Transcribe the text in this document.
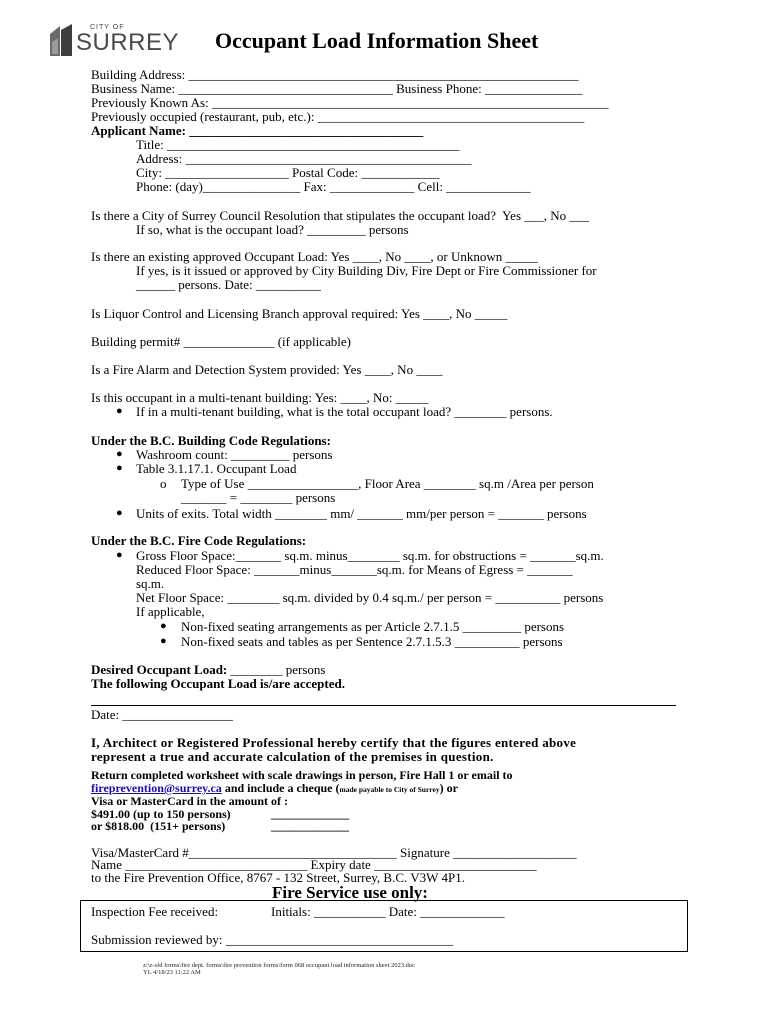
CITY OF
SURREY Occupant Load Information Sheet
Building Address: ____________________________________________________________
Business Name: _________________________________ Business Phone: _______________
Previously Known As: _____________________________________________________________
Previously occupied (restaurant, pub, etc.): _________________________________________
Applicant Name: ____________________________________
Title: _____________________________________________
Address: ____________________________________________
City: ___________________ Postal Code: ____________
Phone: (day)_______________ Fax: _____________ Cell: _____________
Is there a City of Surrey Council Resolution that stipulates the occupant load?  Yes ___, No ___
If so, what is the occupant load? _________ persons
Is there an existing approved Occupant Load: Yes ____, No ____, or Unknown _____
If yes, is it issued or approved by City Building Div, Fire Dept or Fire Commissioner for
______ persons. Date: __________
Is Liquor Control and Licensing Branch approval required: Yes ____, No _____
Building permit# ______________ (if applicable)
Is a Fire Alarm and Detection System provided: Yes ____, No ____
Is this occupant in a multi-tenant building: Yes: ____, No: _____
● If in a multi-tenant building, what is the total occupant load? ________ persons.
Under the B.C. Building Code Regulations:
● Washroom count: _________ persons
● Table 3.1.17.1. Occupant Load
o Type of Use _________________, Floor Area ________ sq.m /Area per person
_______ = ________ persons
● Units of exits. Total width ________ mm/ _______ mm/per person = _______ persons
Under the B.C. Fire Code Regulations:
● Gross Floor Space:_______ sq.m. minus________ sq.m. for obstructions = _______sq.m.
Reduced Floor Space: _______minus_______sq.m. for Means of Egress = _______
sq.m.
Net Floor Space: ________ sq.m. divided by 0.4 sq.m./ per person = __________ persons
If applicable,
● Non-fixed seating arrangements as per Article 2.7.1.5 _________ persons
● Non-fixed seats and tables as per Sentence 2.7.1.5.3 __________ persons
Desired Occupant Load: ________ persons
The following Occupant Load is/are accepted.
Date: _________________
I, Architect or Registered Professional hereby certify that the figures entered above
represent a true and accurate calculation of the premises in question.
Return completed worksheet with scale drawings in person, Fire Hall 1 or email to
fireprevention@surrey.ca and include a cheque (made payable to City of Surrey) or
Visa or MasterCard in the amount of :
$491.00 (up to 150 persons)	_____________
or $818.00  (151+ persons)	_____________
Visa/MasterCard #________________________________ Signature ___________________
Name ____________________________ Expiry date _________________________
to the Fire Prevention Office, 8767 - 132 Street, Surrey, B.C. V3W 4P1.
Fire Service use only:
Inspection Fee received:	Initials: ___________ Date: _____________
Submission reviewed by: ___________________________________
z:\z-sfd forms\fire dept. forms\fire prevention forms\form 068 occupant load information sheet 2023.doc
YL 4/18/23 11:22 AM
